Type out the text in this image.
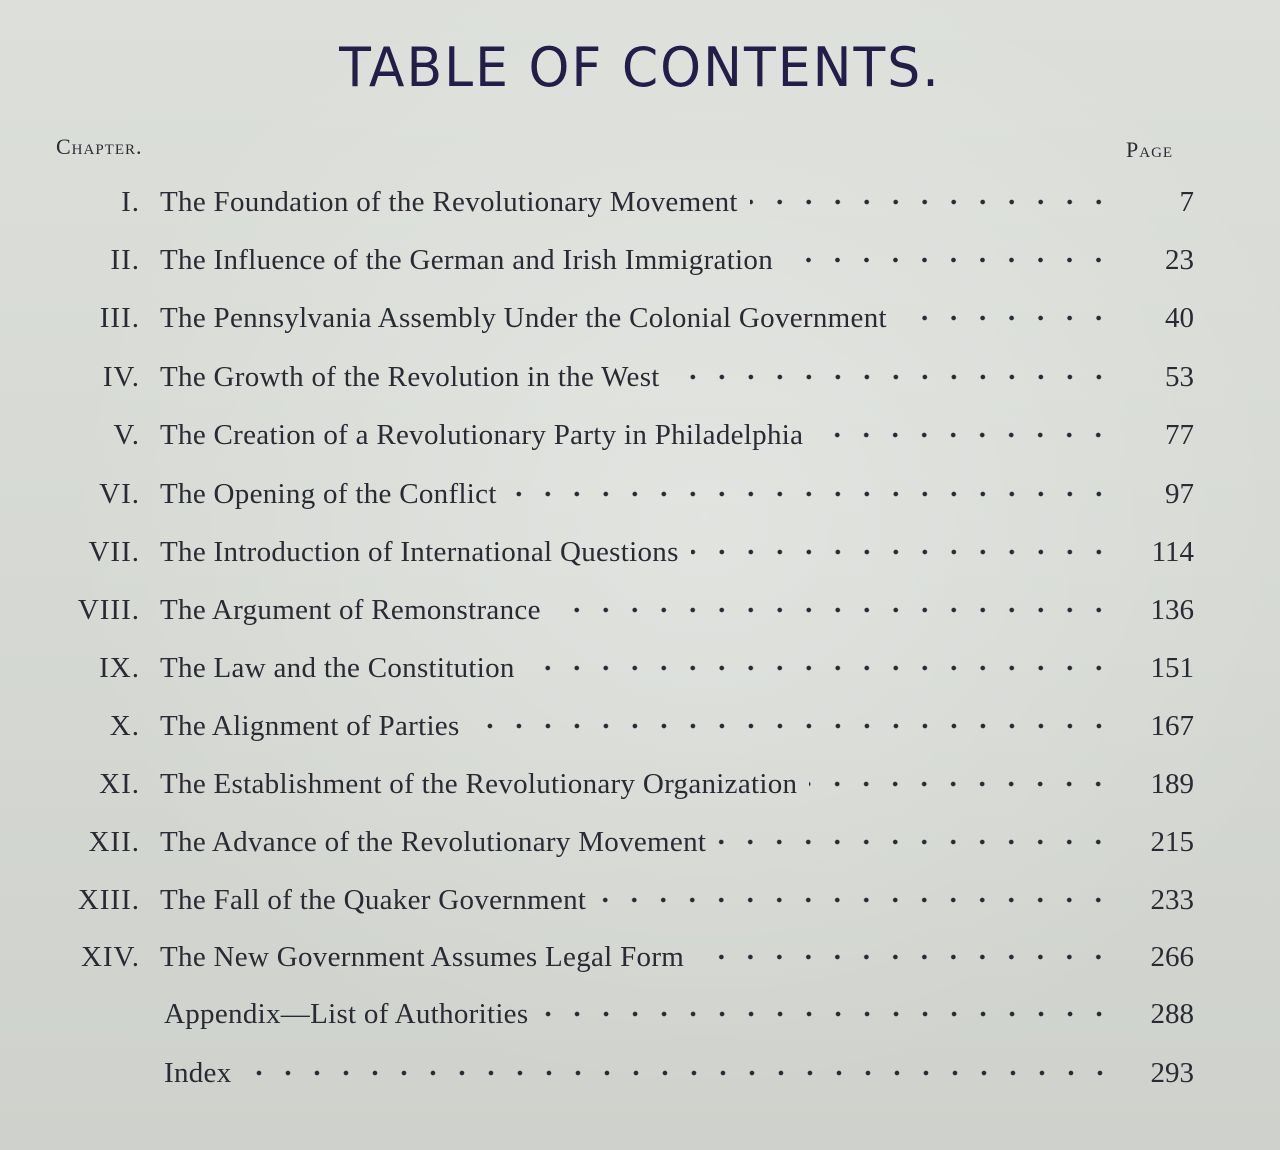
TABLE OF CONTENTS.
Chapter.	Page
I. The Foundation of the Revolutionary Movement	7
II. The Influence of the German and Irish Immigration	23
III. The Pennsylvania Assembly Under the Colonial Government	40
IV. The Growth of the Revolution in the West	53
V. The Creation of a Revolutionary Party in Philadelphia	77
VI. The Opening of the Conflict	97
VII. The Introduction of International Questions	114
VIII. The Argument of Remonstrance	136
IX. The Law and the Constitution	151
X. The Alignment of Parties	167
XI. The Establishment of the Revolutionary Organization	189
XII. The Advance of the Revolutionary Movement	215
XIII. The Fall of the Quaker Government	233
XIV. The New Government Assumes Legal Form	266
Appendix—List of Authorities	288
Index	293
